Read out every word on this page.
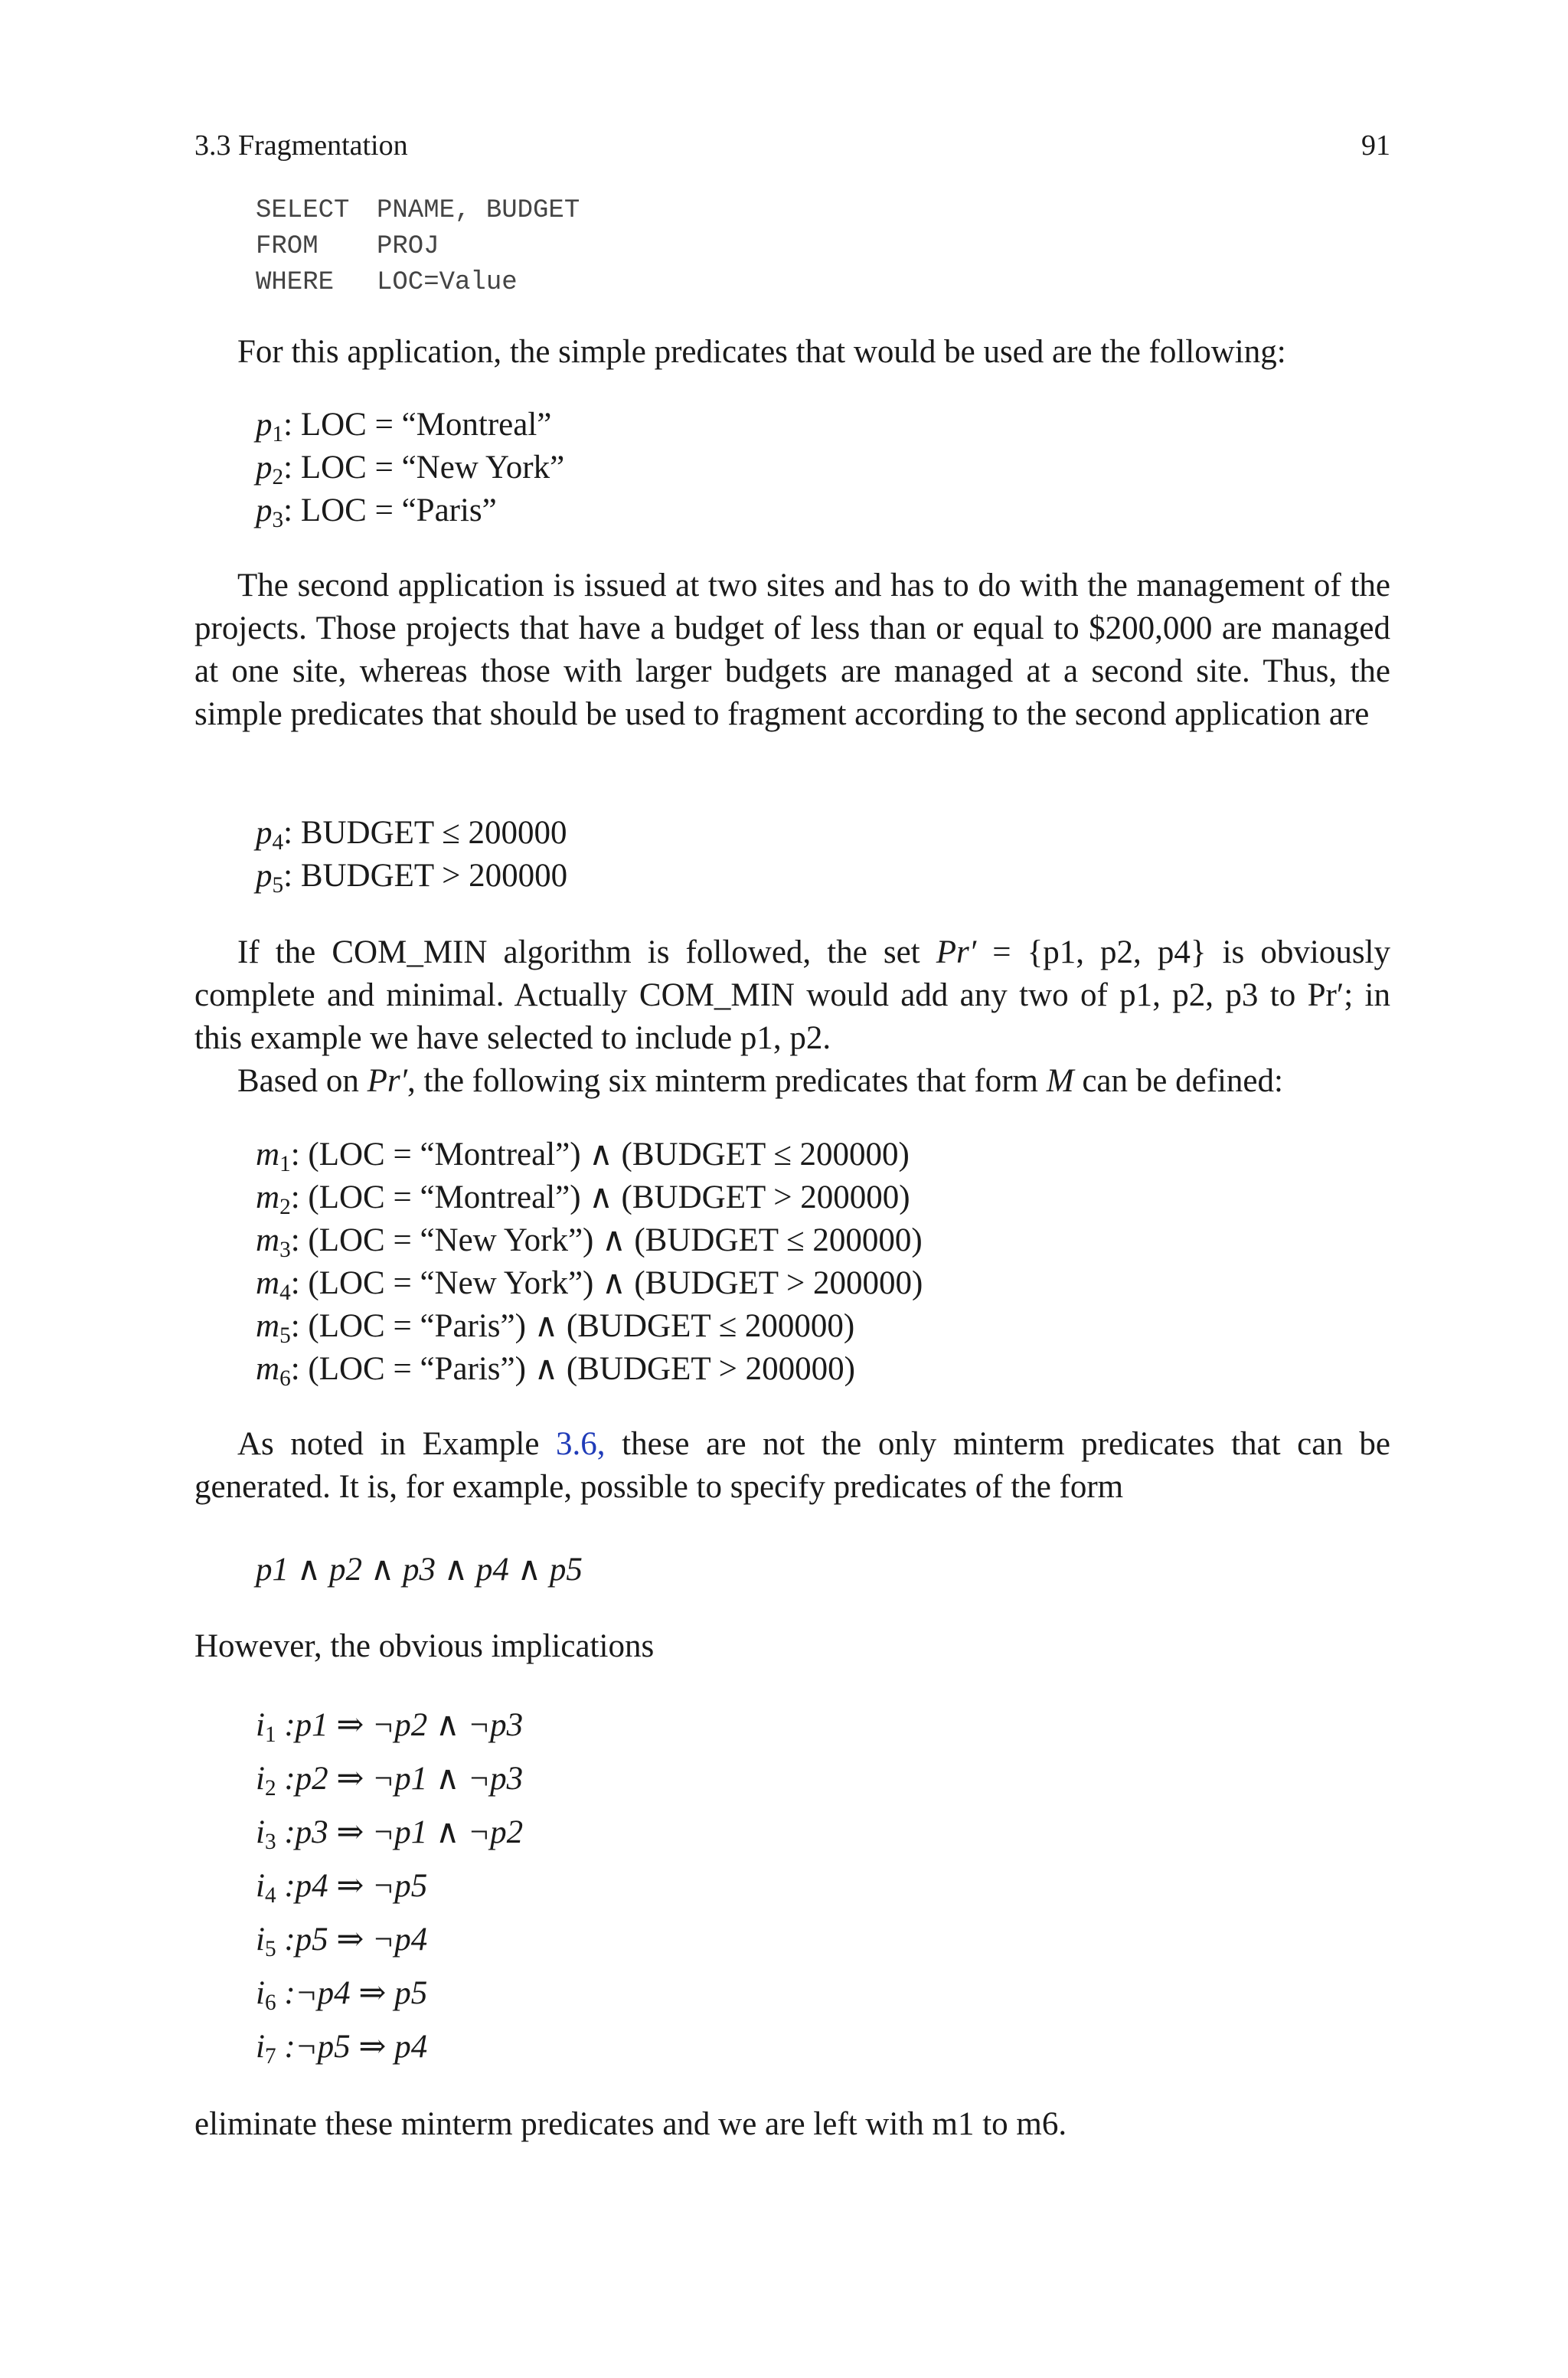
3.3 Fragmentation	91
SELECT PNAME, BUDGET
FROM PROJ
WHERE LOC=Value

For this application, the simple predicates that would be used are the following:

$p_1$: LOC = “Montreal”
$p_2$: LOC = “New York”
$p_3$: LOC = “Paris”

The second application is issued at two sites and has to do with the management of the projects. Those projects that have a budget of less than or equal to $200,000 are managed at one site, whereas those with larger budgets are managed at a second site. Thus, the simple predicates that should be used to fragment according to the second application are

$p_4$: BUDGET ≤ 200000
$p_5$: BUDGET > 200000

If the COM_MIN algorithm is followed, the set Pr′ = {p1, p2, p4} is obviously complete and minimal. Actually COM_MIN would add any two of p1, p2, p3 to Pr′; in this example we have selected to include p1, p2.

Based on Pr′, the following six minterm predicates that form M can be defined:

$m_1$: (LOC = “Montreal”) ∧ (BUDGET ≤ 200000)
$m_2$: (LOC = “Montreal”) ∧ (BUDGET > 200000)
$m_3$: (LOC = “New York”) ∧ (BUDGET ≤ 200000)
$m_4$: (LOC = “New York”) ∧ (BUDGET > 200000)
$m_5$: (LOC = “Paris”) ∧ (BUDGET ≤ 200000)
$m_6$: (LOC = “Paris”) ∧ (BUDGET > 200000)

As noted in Example 3.6, these are not the only minterm predicates that can be generated. It is, for example, possible to specify predicates of the form

p1 ∧ p2 ∧ p3 ∧ p4 ∧ p5

However, the obvious implications

$i_1$ :p1 ⇒ ¬p2 ∧ ¬p3
$i_2$ :p2 ⇒ ¬p1 ∧ ¬p3
$i_3$ :p3 ⇒ ¬p1 ∧ ¬p2
$i_4$ :p4 ⇒ ¬p5
$i_5$ :p5 ⇒ ¬p4
$i_6$ :¬p4 ⇒ p5
$i_7$ :¬p5 ⇒ p4

eliminate these minterm predicates and we are left with m1 to m6.
